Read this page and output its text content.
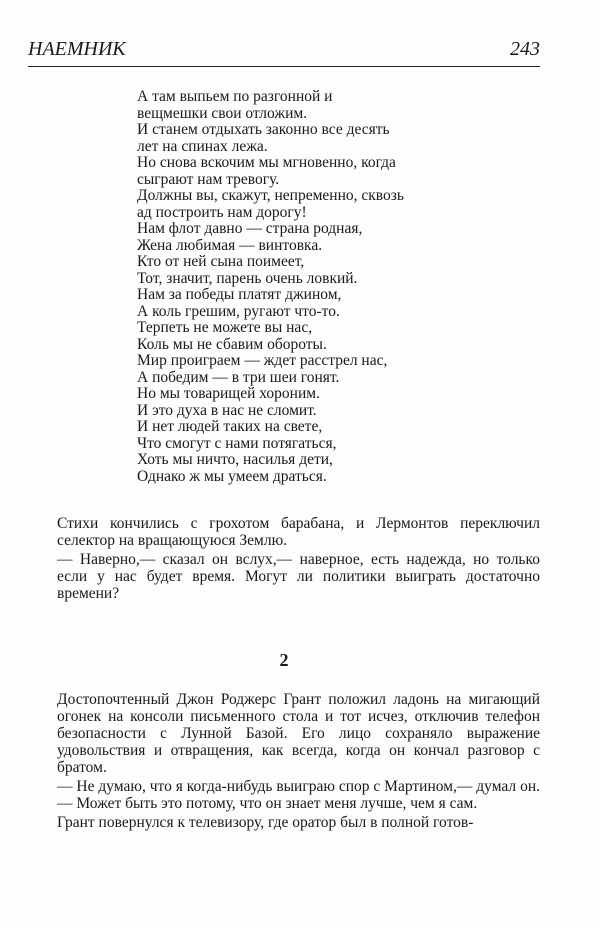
НАЕМНИК	243
А там выпьем по разгонной и
вещмешки свои отложим.
И станем отдыхать законно все десять
лет на спинах лежа.
Но снова вскочим мы мгновенно, когда
сыграют нам тревогу.
Должны вы, скажут, непременно, сквозь
ад построить нам дорогу!
Нам флот давно — страна родная,
Жена любимая — винтовка.
Кто от ней сына поимеет,
Тот, значит, парень очень ловкий.
Нам за победы платят джином,
А коль грешим, ругают что-то.
Терпеть не можете вы нас,
Коль мы не сбавим обороты.
Мир проиграем — ждет расстрел нас,
А победим — в три шеи гонят.
Но мы товарищей хороним.
И это духа в нас не сломит.
И нет людей таких на свете,
Что смогут с нами потягаться,
Хоть мы ничто, насилья дети,
Однако ж мы умеем драться.

Стихи кончились с грохотом барабана, и Лермонтов переключил селектор на вращающуюся Землю.

— Наверно,— сказал он вслух,— наверное, есть надежда, но только если у нас будет время. Могут ли политики выиграть достаточно времени?

2

Достопочтенный Джон Роджерс Грант положил ладонь на мигающий огонек на консоли письменного стола и тот исчез, отключив телефон безопасности с Лунной Базой. Его лицо сохраняло выражение удовольствия и отвращения, как всегда, когда он кончал разговор с братом.

— Не думаю, что я когда-нибудь выиграю спор с Мартином,— думал он.— Может быть это потому, что он знает меня лучше, чем я сам.

Грант повернулся к телевизору, где оратор был в полной готов-
